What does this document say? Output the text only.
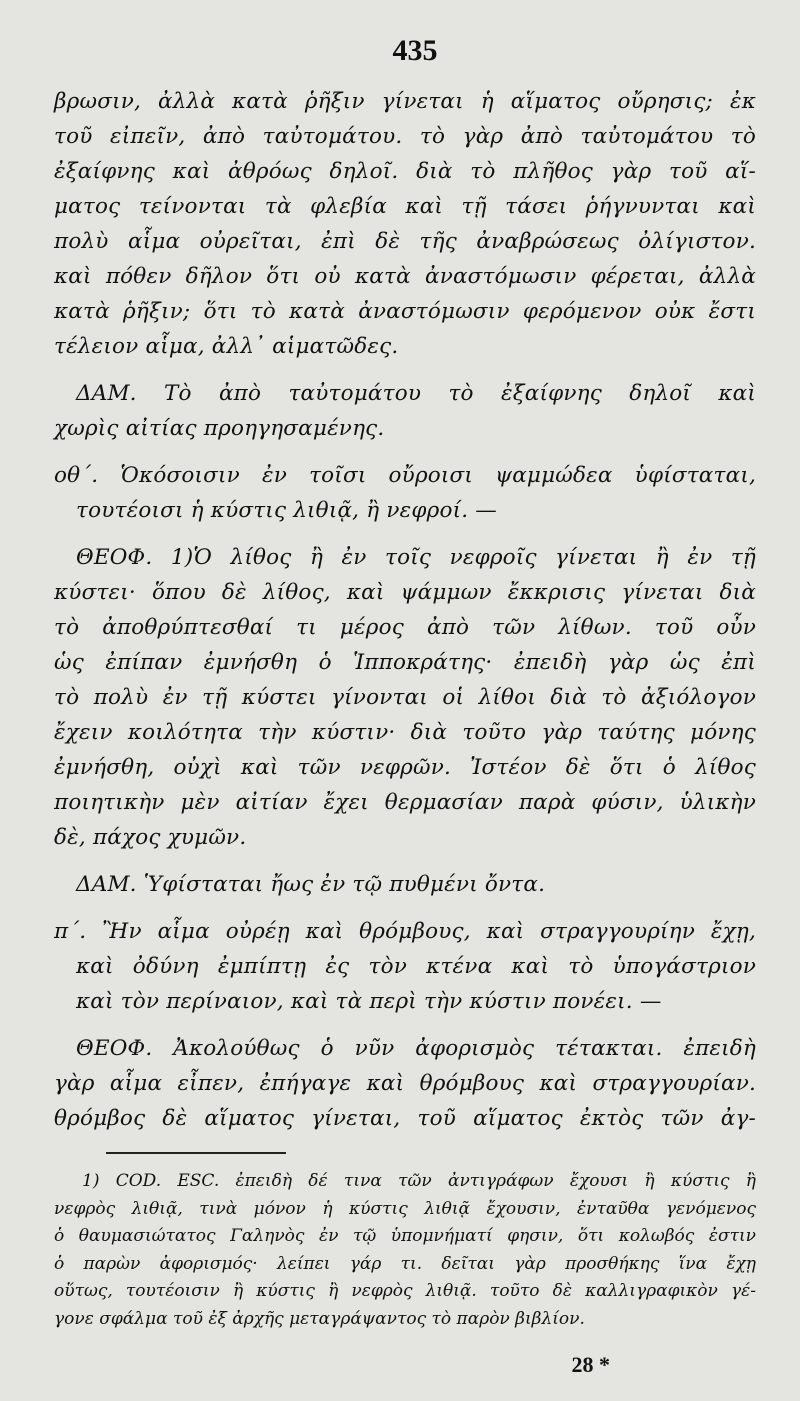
435
βρωσιν, ἀλλὰ κατὰ ῥῆξιν γίνεται ἡ αἵματος οὔρησις; ἐκ
τοῦ εἰπεῖν, ἀπὸ ταὐτομάτου. τὸ γὰρ ἀπὸ ταὐτομάτου τὸ
ἐξαίφνης καὶ ἀθρόως δηλοῖ. διὰ τὸ πλῆθος γὰρ τοῦ αἵ-
ματος τείνονται τὰ φλεβία καὶ τῇ τάσει ῥήγνυνται καὶ
πολὺ αἷμα οὐρεῖται, ἐπὶ δὲ τῆς ἀναβρώσεως ὀλίγιστον.
καὶ πόθεν δῆλον ὅτι οὐ κατὰ ἀναστόμωσιν φέρεται, ἀλλὰ
κατὰ ῥῆξιν; ὅτι τὸ κατὰ ἀναστόμωσιν φερόμενον οὐκ ἔστι
τέλειον αἷμα, ἀλλ᾽ αἱματῶδες.
ΔΑΜ. Τὸ ἀπὸ ταὐτομάτου τὸ ἐξαίφνης δηλοῖ καὶ
χωρὶς αἰτίας προηγησαμένης.
οθ΄. Ὁκόσοισιν ἐν τοῖσι οὔροισι ψαμμώδεα ὑφίσταται,
τουτέοισι ἡ κύστις λιθιᾷ, ἢ νεφροί. —
ΘΕΟΦ. 1)Ὁ λίθος ἢ ἐν τοῖς νεφροῖς γίνεται ἢ ἐν τῇ
κύστει· ὅπου δὲ λίθος, καὶ ψάμμων ἔκκρισις γίνεται διὰ
τὸ ἀποθρύπτεσθαί τι μέρος ἀπὸ τῶν λίθων. τοῦ οὖν
ὡς ἐπίπαν ἐμνήσθη ὁ Ἱπποκράτης· ἐπειδὴ γὰρ ὡς ἐπὶ
τὸ πολὺ ἐν τῇ κύστει γίνονται οἱ λίθοι διὰ τὸ ἀξιόλογον
ἔχειν κοιλότητα τὴν κύστιν· διὰ τοῦτο γὰρ ταύτης μόνης
ἐμνήσθη, οὐχὶ καὶ τῶν νεφρῶν. Ἰστέον δὲ ὅτι ὁ λίθος
ποιητικὴν μὲν αἰτίαν ἔχει θερμασίαν παρὰ φύσιν, ὑλικὴν
δὲ, πάχος χυμῶν.
ΔΑΜ. Ὑφίσταται ἤως ἐν τῷ πυθμένι ὄντα.
π΄. Ἢν αἷμα οὐρέῃ καὶ θρόμβους, καὶ στραγγουρίην ἔχῃ,
καὶ ὀδύνη ἐμπίπτῃ ἐς τὸν κτένα καὶ τὸ ὑπογάστριον
καὶ τὸν περίναιον, καὶ τὰ περὶ τὴν κύστιν πονέει. —
ΘΕΟΦ. Ἀκολούθως ὁ νῦν ἀφορισμὸς τέτακται. ἐπειδὴ
γὰρ αἷμα εἶπεν, ἐπήγαγε καὶ θρόμβους καὶ στραγγουρίαν.
θρόμβος δὲ αἵματος γίνεται, τοῦ αἵματος ἐκτὸς τῶν ἀγ-
1) COD. ESC. ἐπειδὴ δέ τινα τῶν ἀντιγράφων ἔχουσι ἢ κύστις ἢ
νεφρὸς λιθιᾷ, τινὰ μόνον ἡ κύστις λιθιᾷ ἔχουσιν, ἐνταῦθα γενόμενος
ὁ θαυμασιώτατος Γαληνὸς ἐν τῷ ὑπομνήματί φησιν, ὅτι κολωβός ἐστιν
ὁ παρὼν ἀφορισμός· λείπει γάρ τι. δεῖται γὰρ προσθήκης ἵνα ἔχῃ
οὕτως, τουτέοισιν ἢ κύστις ἢ νεφρὸς λιθιᾷ. τοῦτο δὲ καλλιγραφικὸν γέ-
γονε σφάλμα τοῦ ἐξ ἀρχῆς μεταγράψαντος τὸ παρὸν βιβλίον.
28 *
